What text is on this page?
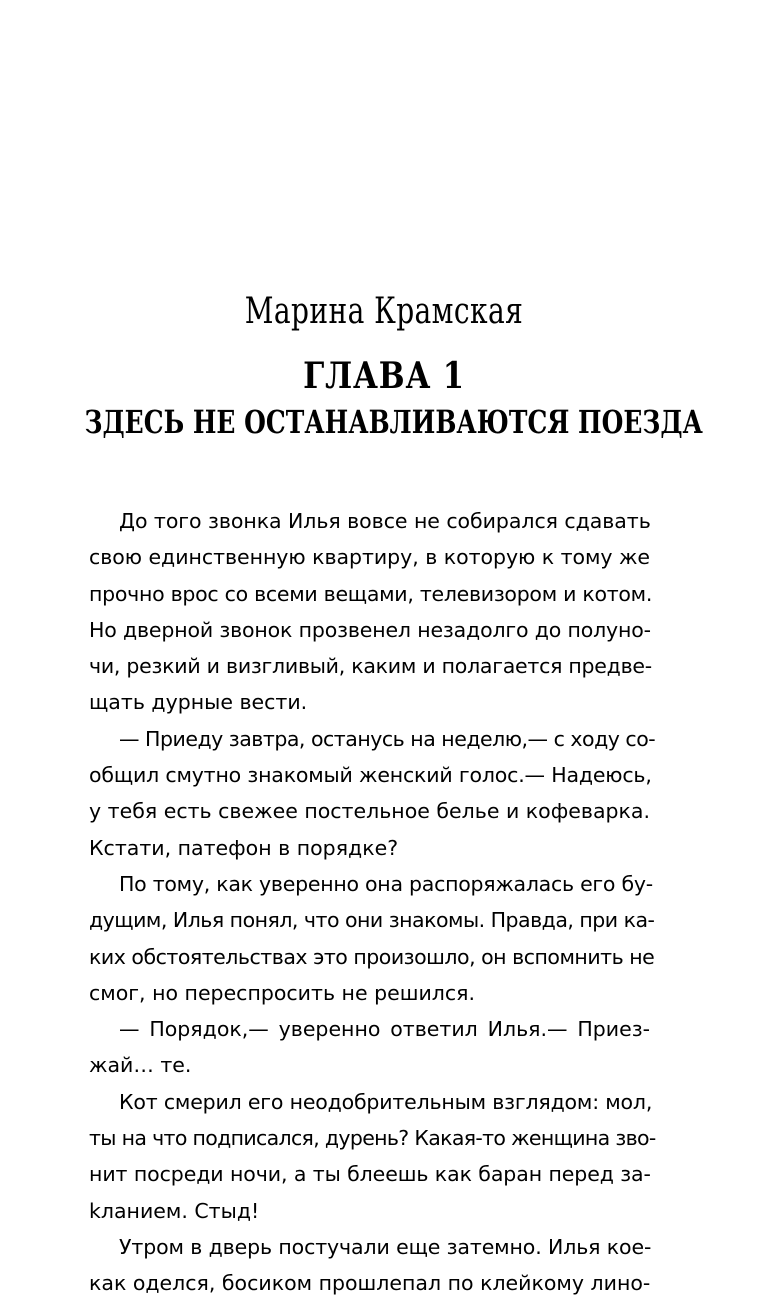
Марина Крамская
ГЛАВА 1
ЗДЕСЬ НЕ ОСТАНАВЛИВАЮТСЯ ПОЕЗДА
До того звонка Илья вовсе не собирался сдавать
свою единственную квартиру, в которую к тому же
прочно врос со всеми вещами, телевизором и котом.
Но дверной звонок прозвенел незадолго до полуно-
чи, резкий и визгливый, каким и полагается предве-
щать дурные вести.
— Приеду завтра, останусь на неделю,— с ходу со-
общил смутно знакомый женский голос.— Надеюсь,
у тебя есть свежее постельное белье и кофеварка.
Кстати, патефон в порядке?
По тому, как уверенно она распоряжалась его бу-
дущим, Илья понял, что они знакомы. Правда, при ка-
ких обстоятельствах это произошло, он вспомнить не
смог, но переспросить не решился.
— Порядок,— уверенно ответил Илья.— Приез-
жай… те.
Кот смерил его неодобрительным взглядом: мол,
ты на что подписался, дурень? Какая-то женщина зво-
нит посреди ночи, а ты блеешь как баран перед за-
kланием. Стыд!
Утром в дверь постучали еще затемно. Илья кое-
как оделся, босиком прошлепал по клейкому лино-
